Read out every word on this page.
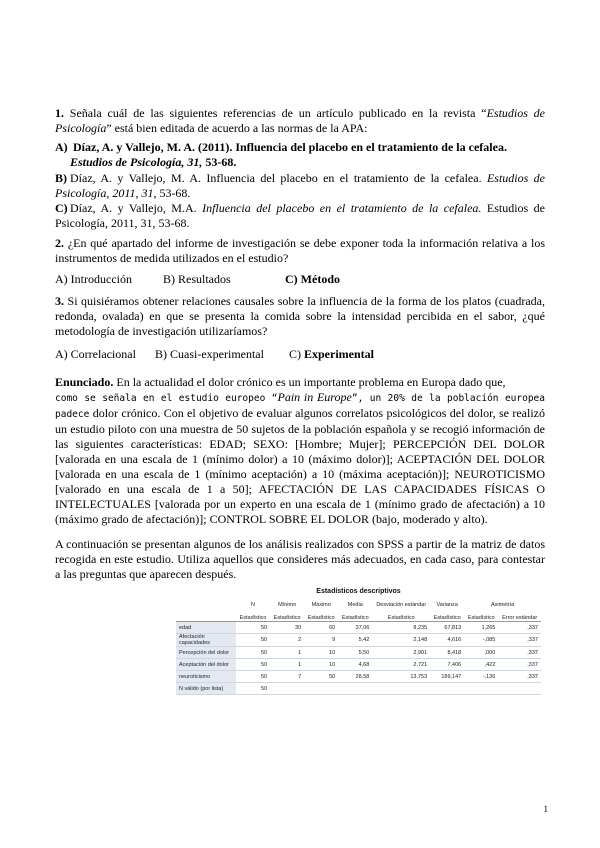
1. Señala cuál de las siguientes referencias de un artículo publicado en la revista “Estudios de Psicología” está bien editada de acuerdo a las normas de la APA:
A) Díaz, A. y Vallejo, M. A. (2011). Influencia del placebo en el tratamiento de la cefalea.
Estudios de Psicología, 31, 53-68.
B) Díaz, A. y Vallejo, M. A. Influencia del placebo en el tratamiento de la cefalea. Estudios de Psicología, 2011, 31, 53-68.
C) Díaz, A. y Vallejo, M.A. Influencia del placebo en el tratamiento de la cefalea. Estudios de Psicología, 2011, 31, 53-68.
2. ¿En qué apartado del informe de investigación se debe exponer toda la información relativa a los instrumentos de medida utilizados en el estudio?
A) Introducción	B) Resultados	C) Método
3. Si quisiéramos obtener relaciones causales sobre la influencia de la forma de los platos (cuadrada, redonda, ovalada) en que se presenta la comida sobre la intensidad percibida en el sabor, ¿qué metodología de investigación utilizaríamos?
A) Correlacional B) Cuasi-experimental C) Experimental
Enunciado. En la actualidad el dolor crónico es un importante problema en Europa dado que,
como se señala en el estudio europeo “Pain in Europe”, un 20% de la población europea padece dolor crónico. Con el objetivo de evaluar algunos correlatos psicológicos del dolor, se realizó un estudio piloto con una muestra de 50 sujetos de la población española y se recogió información de las siguientes características: EDAD; SEXO: [Hombre; Mujer]; PERCEPCIÓN DEL DOLOR [valorada en una escala de 1 (mínimo dolor) a 10 (máximo dolor)]; ACEPTACIÓN DEL DOLOR [valorada en una escala de 1 (mínimo aceptación) a 10 (máxima aceptación)]; NEUROTICISMO [valorado en una escala de 1 a 50]; AFECTACIÓN DE LAS CAPACIDADES FÍSICAS O INTELECTUALES [valorada por un experto en una escala de 1 (mínimo grado de afectación) a 10 (máximo grado de afectación)]; CONTROL SOBRE EL DOLOR (bajo, moderado y alto).
A continuación se presentan algunos de los análisis realizados con SPSS a partir de la matriz de datos recogida en este estudio. Utiliza aquellos que consideres más adecuados, en cada caso, para contestar a las preguntas que aparecen después.
Estadísticos descriptivos
	N	Mínimo	Máximo	Media	Desviación estándar	Varianza	Asimetría	
	Estadístico	Estadístico	Estadístico	Estadístico	Estadístico	Estadístico	Estadístico	Error estándar
edad	50	30	60	37,06	8,235	67,813	1,265	,337
Afectación capacidades	50	2	9	5,42	2,148	4,616	-,085	,337
Percepción del dolor	50	1	10	5,50	2,901	8,418	,000	,337
Aceptación del dolor	50	1	10	4,68	2,721	7,406	,422	,337
neuroticismo	50	7	50	28,58	13,753	189,147	-,136	,337
N válido (por lista)	50							
1
